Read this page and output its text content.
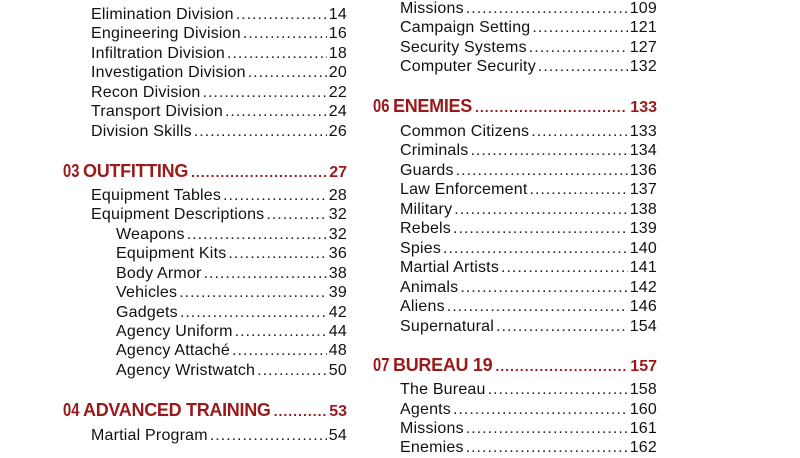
Elimination Division .....	14
Engineering Division .....	16
Infiltration Division .....	18
Investigation Division .....	20
Recon Division .....	22
Transport Division .....	24
Division Skills .....	26
03 OUTFITTING .....	27
Equipment Tables .....	28
Equipment Descriptions .....	32
Weapons .....	32
Equipment Kits .....	36
Body Armor .....	38
Vehicles .....	39
Gadgets .....	42
Agency Uniform .....	44
Agency Attaché .....	48
Agency Wristwatch .....	50
04 ADVANCED TRAINING .....	53
Martial Program .....	54
Missions .....	109
Campaign Setting .....	121
Security Systems .....	127
Computer Security .....	132
06 ENEMIES .....	133
Common Citizens .....	133
Criminals .....	134
Guards .....	136
Law Enforcement .....	137
Military .....	138
Rebels .....	139
Spies .....	140
Martial Artists .....	141
Animals .....	142
Aliens .....	146
Supernatural .....	154
07 BUREAU 19 .....	157
The Bureau .....	158
Agents .....	160
Missions .....	161
Enemies .....	162
